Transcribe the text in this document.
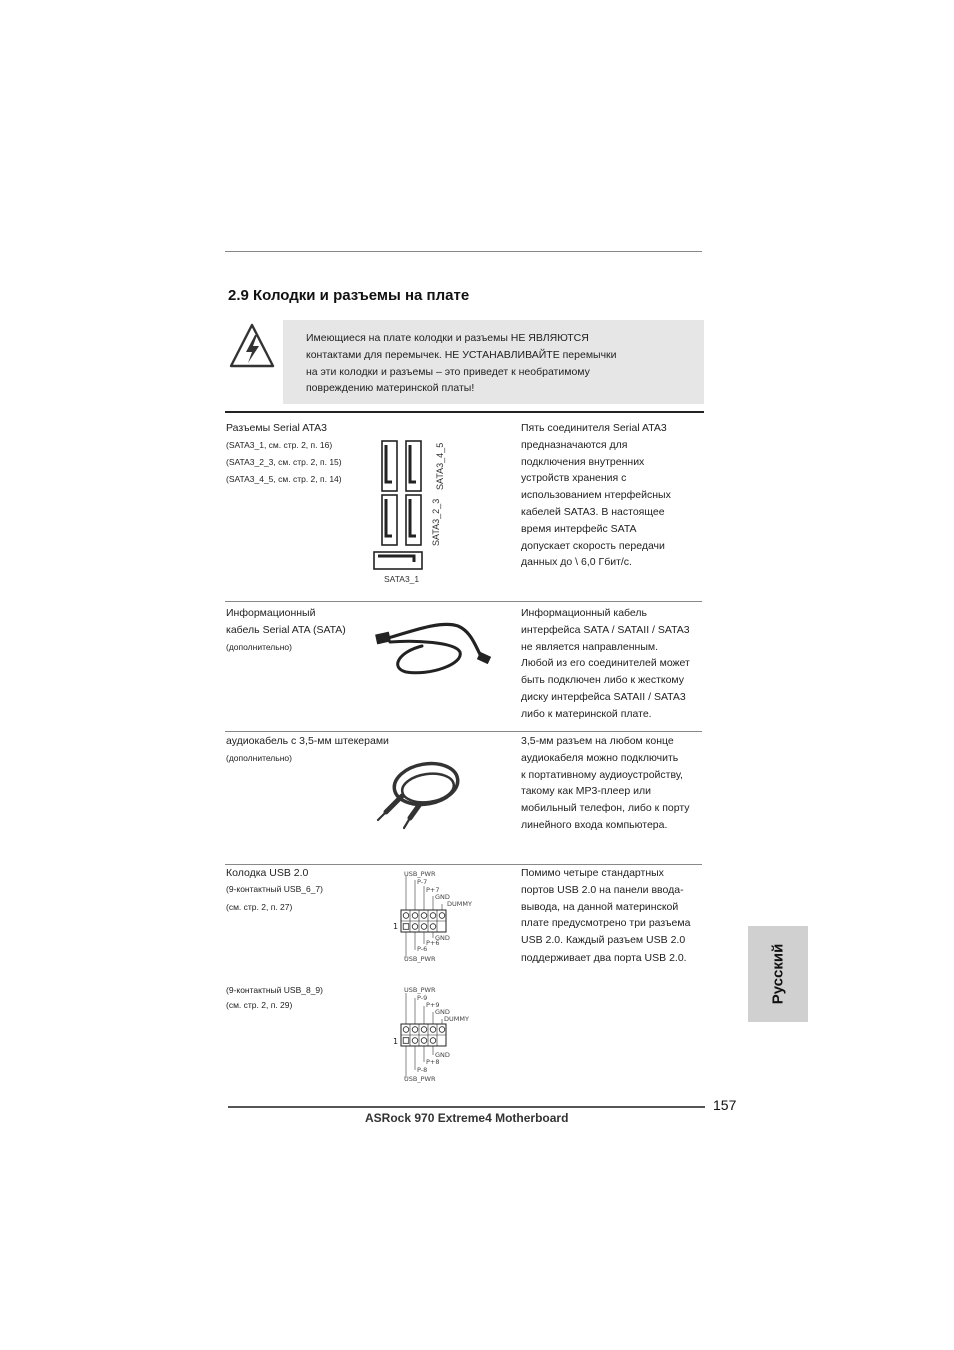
2.9 Колодки и разъемы на плате
Имеющиеся на плате колодки и разъемы НЕ ЯВЛЯЮТСЯ
контактами для перемычек. НЕ УСТАНАВЛИВАЙТЕ перемычки
на эти колодки и разъемы – это приведет к необратимому
повреждению материнской платы!
Разъемы Serial ATA3
(SATA3_1, см. стр. 2, п. 16)
(SATA3_2_3, см. стр. 2, п. 15)
(SATA3_4_5, см. стр. 2, п. 14)	SATA3_4_5
SATA3_2_3
SATA3_1
Пять соединителя Serial ATA3
предназначаются для
подключения внутренних
устройств хранения с
использованием нтерфейсных
кабелей SATA3. В настоящее
время интерфейс SATA
допускает скорость передачи
данных до \ 6,0 Гбит/с.
Информационный
кабель Serial ATA (SATA)
(дополнительно)
Информационный кабель
интерфейса SATA / SATAII / SATA3
не является направленным.
Любой из его соединителей может
быть подключен либо к жесткому
диску интерфейса SATAII / SATA3
либо к материнской плате.
аудиокабель с 3,5-мм штекерами
(дополнительно)
3,5-мм разъем на любом конце
аудиокабеля можно подключить
к портативному аудиоустройству,
такому как MP3-плеер или
мобильный телефон, либо к порту
линейного входа компьютера.
Колодка USB 2.0
(9-контактный USB_6_7)
(см. стр. 2, п. 27)
USB_PWR
P-7
P+7
GND
DUMMY
1
GND
P+6
P-6
USB_PWR
Помимо четыре стандартных
портов USB 2.0 на панели ввода-
вывода, на данной материнской
плате предусмотрено три разъема
USB 2.0. Каждый разъем USB 2.0
поддерживает два порта USB 2.0.
(9-контактный USB_8_9)
(см. стр. 2, п. 29)
USB_PWR
P-9
P+9
GND
DUMMY
1
GND
P+8
P-8
USB_PWR
Русский
157
ASRock 970 Extreme4 Motherboard
